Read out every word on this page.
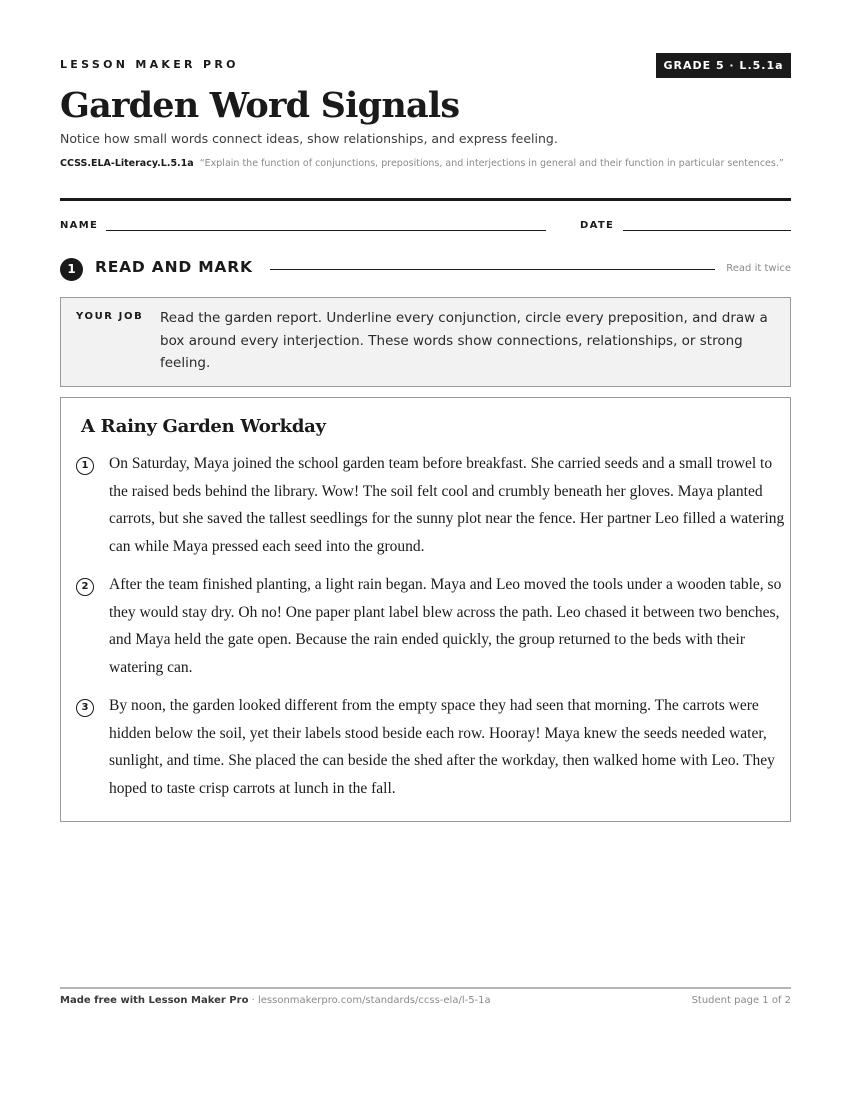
LESSON MAKER PRO	GRADE 5 · L.5.1a
Garden Word Signals
Notice how small words connect ideas, show relationships, and express feeling.
CCSS.ELA-Literacy.L.5.1a “Explain the function of conjunctions, prepositions, and interjections in general and their function in particular sentences.”
NAME	DATE
1	READ AND MARK	Read it twice
YOUR JOB Read the garden report. Underline every conjunction, circle every preposition, and draw a box around every interjection. These words show connections, relationships, or strong feeling.
A Rainy Garden Workday
1	On Saturday, Maya joined the school garden team before breakfast. She carried seeds and a small trowel to the raised beds behind the library. Wow! The soil felt cool and crumbly beneath her gloves. Maya planted carrots, but she saved the tallest seedlings for the sunny plot near the fence. Her partner Leo filled a watering can while Maya pressed each seed into the ground.
2	After the team finished planting, a light rain began. Maya and Leo moved the tools under a wooden table, so they would stay dry. Oh no! One paper plant label blew across the path. Leo chased it between two benches, and Maya held the gate open. Because the rain ended quickly, the group returned to the beds with their watering can.
3	By noon, the garden looked different from the empty space they had seen that morning. The carrots were hidden below the soil, yet their labels stood beside each row. Hooray! Maya knew the seeds needed water, sunlight, and time. She placed the can beside the shed after the workday, then walked home with Leo. They hoped to taste crisp carrots at lunch in the fall.
Made free with Lesson Maker Pro · lessonmakerpro.com/standards/ccss-ela/l-5-1a	Student page 1 of 2
